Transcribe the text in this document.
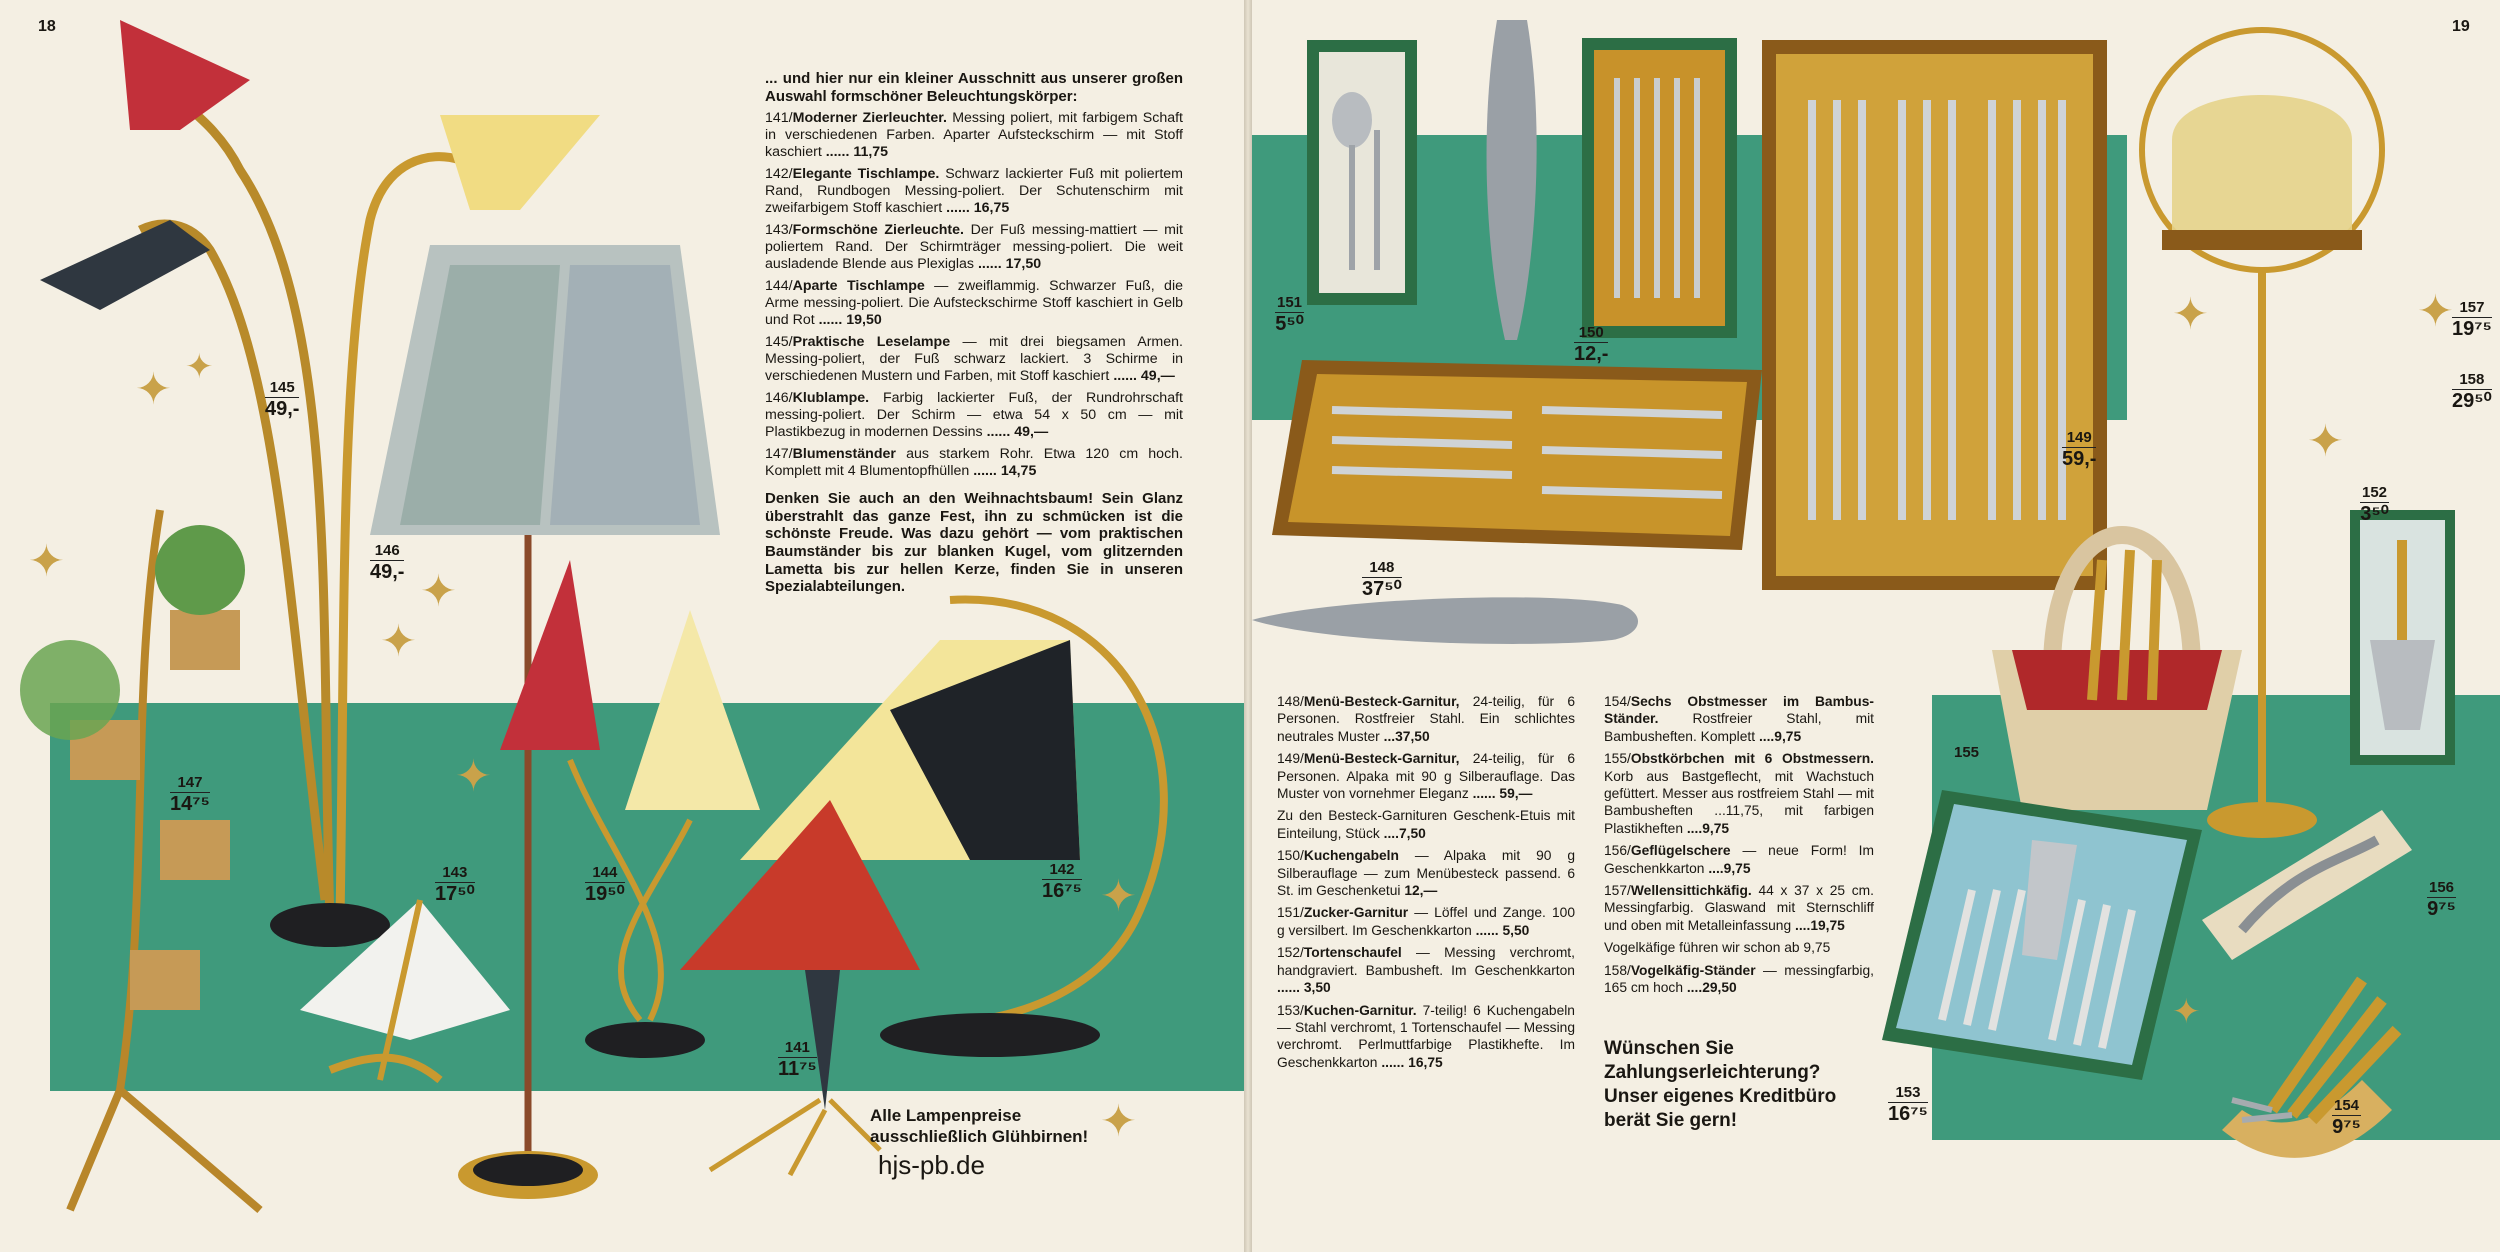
18
✦ ✦
✦
✦
✦
✦
✦
✦

... und hier nur ein kleiner Ausschnitt aus unserer großen Auswahl formschöner Beleuchtungskörper:

141/Moderner Zierleuchter. Messing poliert, mit farbigem Schaft in verschiedenen Farben. Aparter Aufsteckschirm — mit Stoff kaschiert ...... 11,75

142/Elegante Tischlampe. Schwarz lackierter Fuß mit poliertem Rand, Rundbogen Messing-poliert. Der Schutenschirm mit zweifarbigem Stoff kaschiert ...... 16,75

143/Formschöne Zierleuchte. Der Fuß messing-mattiert — mit poliertem Rand. Der Schirmträger messing-poliert. Die weit ausladende Blende aus Plexiglas ...... 17,50

144/Aparte Tischlampe — zweiflammig. Schwarzer Fuß, die Arme messing-poliert. Die Aufsteckschirme Stoff kaschiert in Gelb und Rot ...... 19,50

145/Praktische Leselampe — mit drei biegsamen Armen. Messing-poliert, der Fuß schwarz lackiert. 3 Schirme in verschiedenen Mustern und Farben, mit Stoff kaschiert ...... 49,—

146/Klublampe. Farbig lackierter Fuß, der Rundrohrschaft messing-poliert. Der Schirm — etwa 54 x 50 cm — mit Plastikbezug in modernen Dessins ...... 49,—

147/Blumenständer aus starkem Rohr. Etwa 120 cm hoch. Komplett mit 4 Blumentopfhüllen ...... 14,75

Denken Sie auch an den Weihnachtsbaum! Sein Glanz überstrahlt das ganze Fest, ihn zu schmücken ist die schönste Freude. Was dazu gehört — vom praktischen Baumständer bis zur blanken Kugel, vom glitzernden Lametta bis zur hellen Kerze, finden Sie in unseren Spezialabteilungen.

Alle Lampenpreise ausschließlich Glühbirnen!
hjs-pb.de
145
49,-
146
49,-
147
14⁷⁵
143
17⁵⁰
144
19⁵⁰
142
16⁷⁵
141
11⁷⁵
19
✦	✦
✦
✦

148/Menü-Besteck-Garnitur, 24-teilig, für 6 Personen. Rostfreier Stahl. Ein schlichtes neutrales Muster ...37,50

149/Menü-Besteck-Garnitur, 24-teilig, für 6 Personen. Alpaka mit 90 g Silberauflage. Das Muster von vornehmer Eleganz ...... 59,—

Zu den Besteck-Garnituren Geschenk-Etuis mit Einteilung, Stück ....7,50

150/Kuchengabeln — Alpaka mit 90 g Silberauflage — zum Menübesteck passend. 6 St. im Geschenketui 12,—

151/Zucker-Garnitur — Löffel und Zange. 100 g versilbert. Im Geschenkkarton ...... 5,50

152/Tortenschaufel — Messing verchromt, handgraviert. Bambusheft. Im Geschenkkarton ...... 3,50

153/Kuchen-Garnitur. 7-teilig! 6 Kuchengabeln — Stahl verchromt, 1 Tortenschaufel — Messing verchromt. Perlmuttfarbige Plastikhefte. Im Geschenkkarton ...... 16,75

154/Sechs Obstmesser im Bambus-Ständer. Rostfreier Stahl, mit Bambusheften. Komplett ....9,75

155/Obstkörbchen mit 6 Obstmessern. Korb aus Bastgeflecht, mit Wachstuch gefüttert. Messer aus rostfreiem Stahl — mit Bambusheften ...11,75, mit farbigen Plastikheften ....9,75

156/Geflügelschere — neue Form! Im Geschenkkarton ....9,75

157/Wellensittichkäfig. 44 x 37 x 25 cm. Messingfarbig. Glaswand mit Sternschliff und oben mit Metalleinfassung ....19,75

Vogelkäfige führen wir schon ab 9,75

158/Vogelkäfig-Ständer — messingfarbig, 165 cm hoch ....29,50

Wünschen Sie
Zahlungserleichterung?
Unser eigenes Kreditbüro
berät Sie gern!
151
5⁵⁰	150
12,-
148
37⁵⁰
149
59,-
157
19⁷⁵
158
29⁵⁰
152
3⁵⁰
155
156
9⁷⁵
153
16⁷⁵	154
9⁷⁵
